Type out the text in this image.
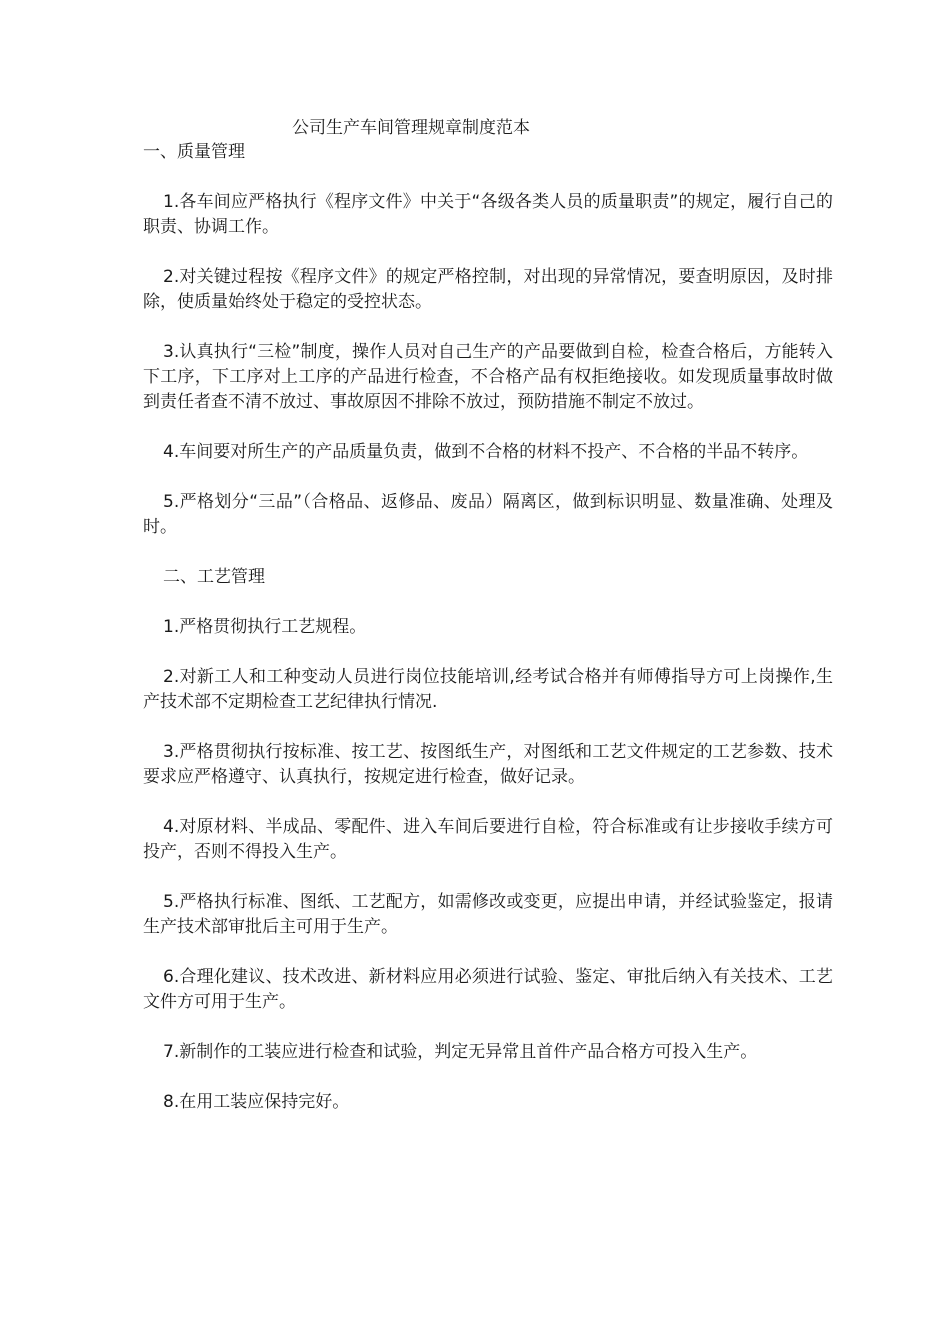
公司生产车间管理规章制度范本
一、质量管理

1.各车间应严格执行《程序文件》中关于“各级各类人员的质量职责”的规定，履行自己的职责、协调工作。

2.对关键过程按《程序文件》的规定严格控制，对出现的异常情况，要查明原因，及时排除，使质量始终处于稳定的受控状态。

3.认真执行“三检”制度，操作人员对自己生产的产品要做到自检，检查合格后，方能转入下工序，下工序对上工序的产品进行检查，不合格产品有权拒绝接收。如发现质量事故时做到责任者查不清不放过、事故原因不排除不放过，预防措施不制定不放过。

4.车间要对所生产的产品质量负责，做到不合格的材料不投产、不合格的半品不转序。

5.严格划分“三品”（合格品、返修品、废品）隔离区，做到标识明显、数量准确、处理及时。

二、工艺管理

1.严格贯彻执行工艺规程。

2.对新工人和工种变动人员进行岗位技能培训,经考试合格并有师傅指导方可上岗操作,生产技术部不定期检查工艺纪律执行情况.

3.严格贯彻执行按标准、按工艺、按图纸生产，对图纸和工艺文件规定的工艺参数、技术要求应严格遵守、认真执行，按规定进行检查，做好记录。

4.对原材料、半成品、零配件、进入车间后要进行自检，符合标准或有让步接收手续方可投产，否则不得投入生产。

5.严格执行标准、图纸、工艺配方，如需修改或变更，应提出申请，并经试验鉴定，报请生产技术部审批后主可用于生产。

6.合理化建议、技术改进、新材料应用必须进行试验、鉴定、审批后纳入有关技术、工艺文件方可用于生产。

7.新制作的工装应进行检查和试验，判定无异常且首件产品合格方可投入生产。

8.在用工装应保持完好。
